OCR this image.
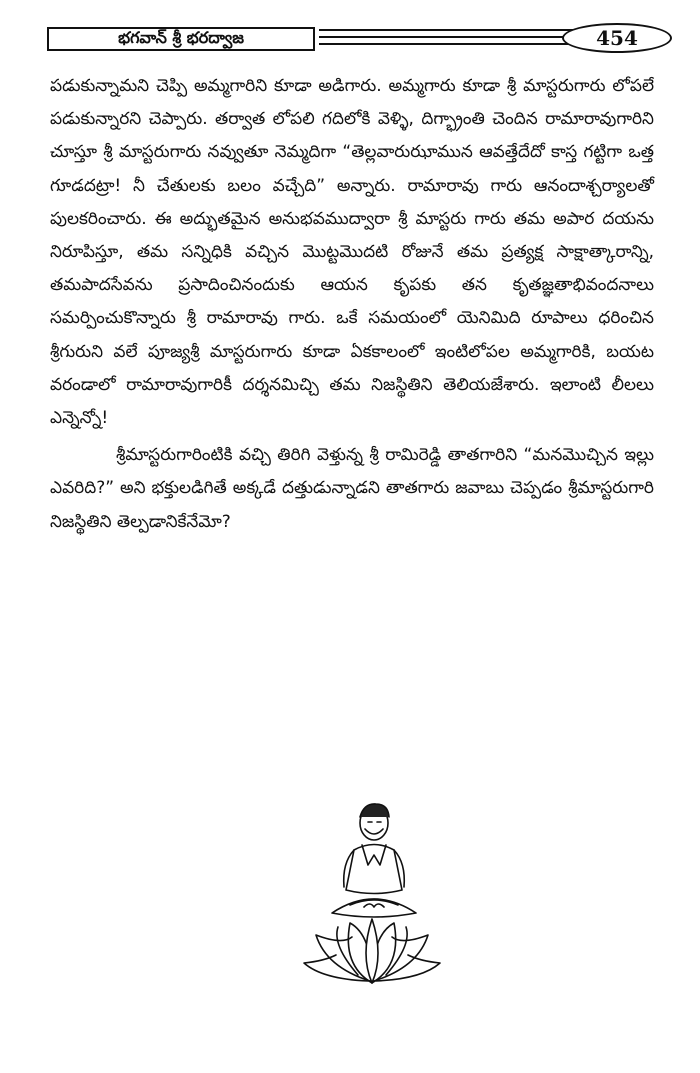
భగవాన్ శ్రీ భరద్వాజ	454

పడుకున్నామని చెప్పి అమ్మగారిని కూడా అడిగారు. అమ్మగారు కూడా శ్రీ మాస్టరుగారు లోపలే పడుకున్నారని చెప్పారు. తర్వాత లోపలి గదిలోకి వెళ్ళి, దిగ్భ్రాంతి చెందిన రామారావుగారిని చూస్తూ శ్రీ మాస్టరుగారు నవ్వుతూ నెమ్మదిగా “తెల్లవారుఝామున ఆవత్తేదేదో కాస్త గట్టిగా ఒత్త గూడదట్రా! నీ చేతులకు బలం వచ్చేది” అన్నారు. రామారావు గారు ఆనందాశ్చర్యాలతో పులకరించారు. ఈ అద్భుతమైన అనుభవముద్వారా శ్రీ మాస్టరు గారు తమ అపార దయను నిరూపిస్తూ, తమ సన్నిధికి వచ్చిన మొట్టమొదటి రోజునే తమ ప్రత్యక్ష సాక్షాత్కారాన్ని, తమపాదసేవను ప్రసాదించినందుకు ఆయన కృపకు తన కృతజ్ఞతాభివందనాలు సమర్పించుకొన్నారు శ్రీ రామారావు గారు. ఒకే సమయంలో యెనిమిది రూపాలు ధరించిన శ్రీగురుని వలే పూజ్యశ్రీ మాస్టరుగారు కూడా ఏకకాలంలో ఇంటిలోపల అమ్మగారికి, బయట వరండాలో రామారావుగారికీ దర్శనమిచ్చి తమ నిజస్థితిని తెలియజేశారు. ఇలాంటి లీలలు ఎన్నెన్నో!

శ్రీమాస్టరుగారింటికి వచ్చి తిరిగి వెళ్తున్న శ్రీ రామిరెడ్డి తాతగారిని “మనమొచ్చిన ఇల్లు ఎవరిది?” అని భక్తులడిగితే అక్కడే దత్తుడున్నాడని తాతగారు జవాబు చెప్పడం శ్రీమాస్టరుగారి నిజస్థితిని తెల్పడానికేనేమో?
